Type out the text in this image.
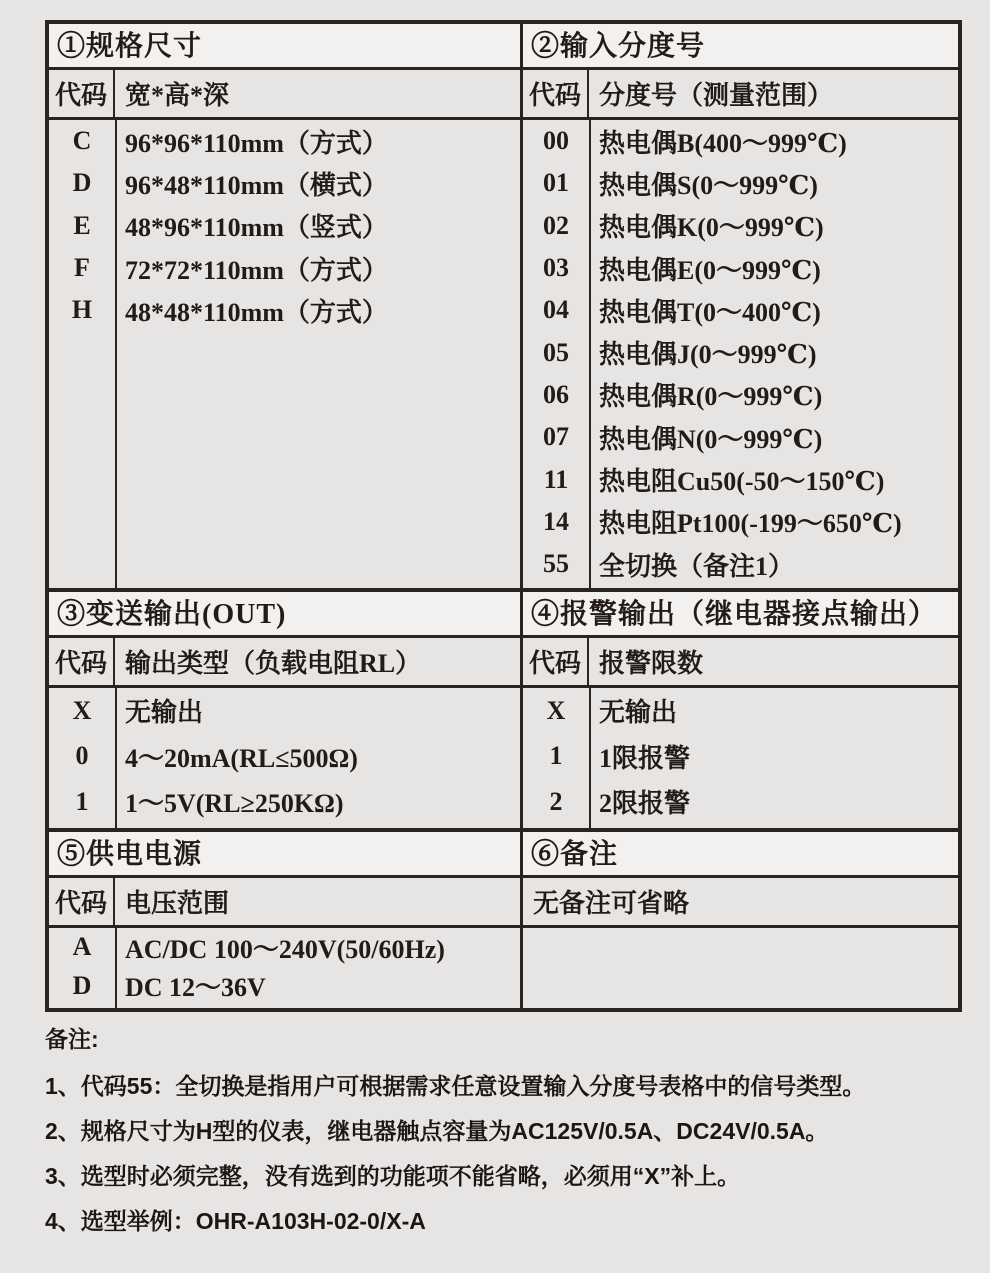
①规格尺寸
代码 宽*高*深
C	96*96*110mm（方式）
D	96*48*110mm（横式）
E	48*96*110mm（竖式）
F	72*72*110mm（方式）
H	48*48*110mm（方式）
②输入分度号
代码 分度号（测量范围）
00	热电偶B(400～999℃)
01	热电偶S(0～999℃)
02	热电偶K(0～999℃)
03	热电偶E(0～999℃)
04	热电偶T(0～400℃)
05	热电偶J(0～999℃)
06	热电偶R(0～999℃)
07	热电偶N(0～999℃)
11	热电阻Cu50(-50～150℃)
14	热电阻Pt100(-199～650℃)
55	全切换（备注1）
③变送输出(OUT)
代码 输出类型（负载电阻RL）
X	无输出
0	4～20mA(RL≤500Ω)
1	1～5V(RL≥250KΩ)
④报警输出（继电器接点输出）
代码 报警限数
X	无输出
1	1限报警
2	2限报警
⑤供电电源
代码 电压范围
A	AC/DC 100～240V(50/60Hz)
D	DC 12～36V
⑥备注
无备注可省略
备注:
1、代码55：全切换是指用户可根据需求任意设置输入分度号表格中的信号类型。
2、规格尺寸为H型的仪表，继电器触点容量为AC125V/0.5A、DC24V/0.5A。
3、选型时必须完整，没有选到的功能项不能省略，必须用“X”补上。
4、选型举例：OHR-A103H-02-0/X-A
